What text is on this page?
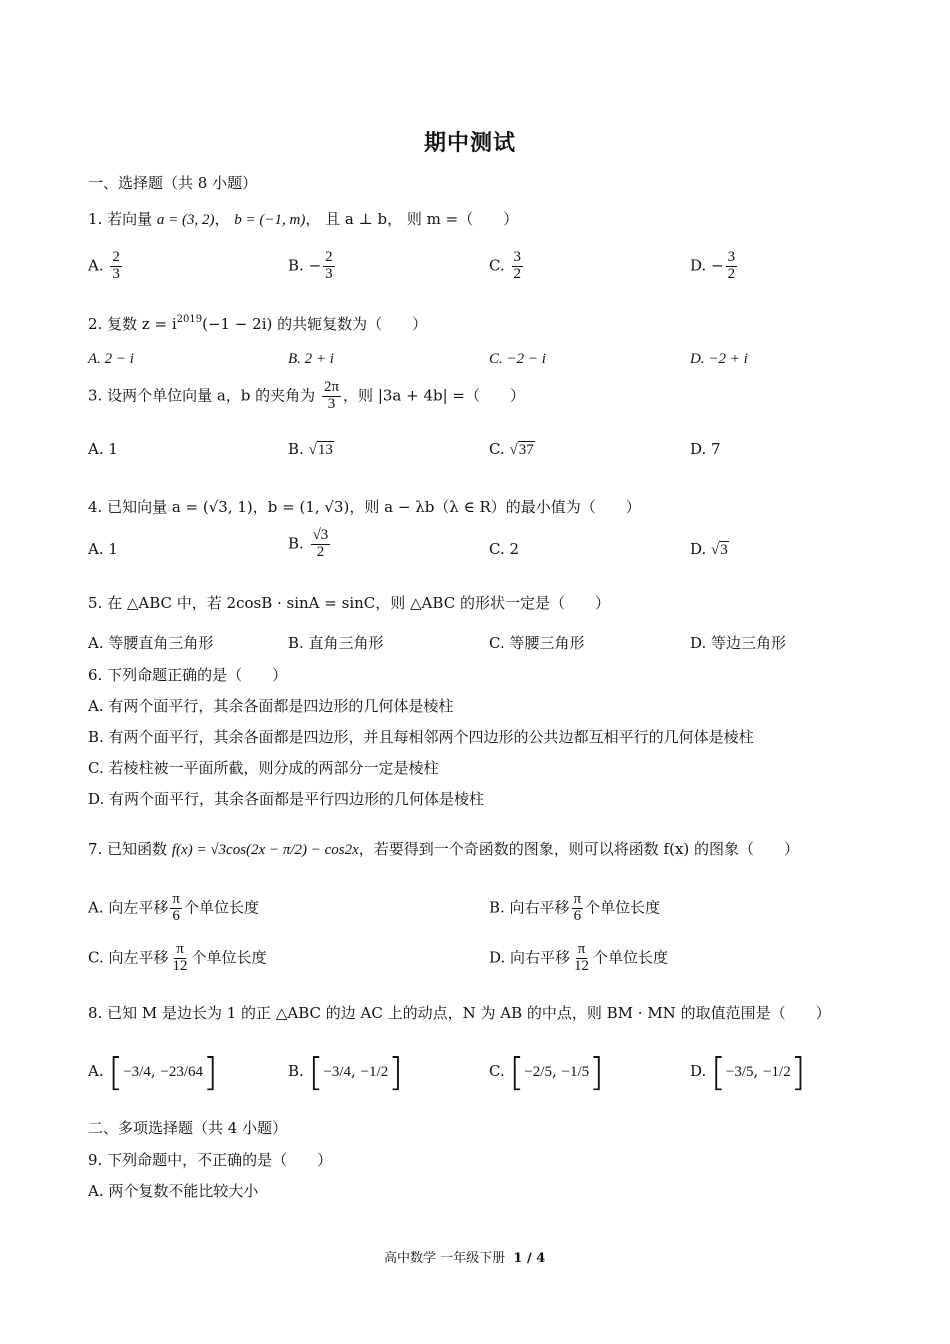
期中测试
一、选择题（共 8 小题）
1. 若向量 a = (3, 2)， b = (−1, m)， 且 a ⊥ b， 则 m =（　　）
A. $\frac{2}{3}$	B. − $\frac{2}{3}$	C. $\frac{3}{2}$	D. − $\frac{3}{2}$
2. 复数 $z = i^{2019}(-1 - 2i)$ 的共轭复数为（　　）
A. 2 − i	B. 2 + i	C. −2 − i	D. −2 + i
3. 设两个单位向量 a，b 的夹角为 $\frac{2\pi}{3}$ ，则 |3a + 4b| =（　　）
A. 1	B. √13	C. √37	D. 7
4. 已知向量 a = (√3, 1)，b = (1, √3)，则 a − λb（λ ∈ R）的最小值为（　　）
A. 1	B. $\frac{√3}{2}$	C. 2	D. √3
5. 在 △ABC 中，若 2cosB · sinA = sinC，则 △ABC 的形状一定是（　　）
A. 等腰直角三角形	B. 直角三角形	C. 等腰三角形	D. 等边三角形
6. 下列命题正确的是（　　）
A. 有两个面平行，其余各面都是四边形的几何体是棱柱
B. 有两个面平行，其余各面都是四边形，并且每相邻两个四边形的公共边都互相平行的几何体是棱柱
C. 若棱柱被一平面所截，则分成的两部分一定是棱柱
D. 有两个面平行，其余各面都是平行四边形的几何体是棱柱
7. 已知函数 f(x) = √3cos(2x − π/2) − cos2x，若要得到一个奇函数的图象，则可以将函数 f(x) 的图象（　　）
A. 向左平移 $\frac{\pi}{6}$ 个单位长度	B. 向右平移 $\frac{\pi}{6}$ 个单位长度
C. 向左平移 $\frac{\pi}{12}$ 个单位长度	D. 向右平移 $\frac{\pi}{12}$ 个单位长度
8. 已知 M 是边长为 1 的正 △ABC 的边 AC 上的动点，N 为 AB 的中点，则 BM · MN 的取值范围是（　　）
A. [−3/4, −23/64]	B. [−3/4, −1/2]	C. [−2/5, −1/5]	D. [−3/5, −1/2]
二、多项选择题（共 4 小题）
9. 下列命题中，不正确的是（　　）
A. 两个复数不能比较大小
高中数学 一年级下册 1 / 4
